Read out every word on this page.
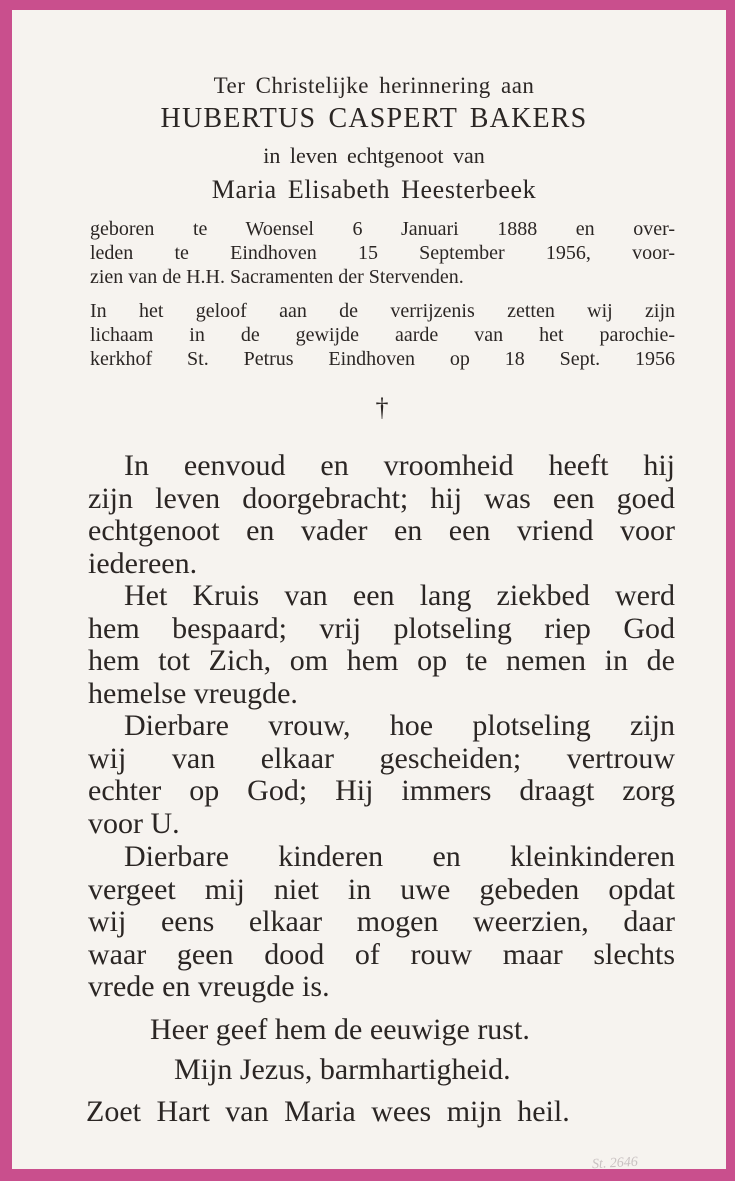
Ter Christelijke herinnering aan
HUBERTUS CASPERT BAKERS
in leven echtgenoot van
Maria Elisabeth Heesterbeek
geboren te Woensel 6 Januari 1888 en over-
leden te Eindhoven 15 September 1956, voor-
zien van de H.H. Sacramenten der Stervenden.
In het geloof aan de verrijzenis zetten wij zijn
lichaam in de gewijde aarde van het parochie-
kerkhof St. Petrus Eindhoven op 18 Sept. 1956
†
In eenvoud en vroomheid heeft hij
zijn leven doorgebracht; hij was een goed
echtgenoot en vader en een vriend voor
iedereen.
Het Kruis van een lang ziekbed werd
hem bespaard; vrij plotseling riep God
hem tot Zich, om hem op te nemen in de
hemelse vreugde.
Dierbare vrouw, hoe plotseling zijn
wij van elkaar gescheiden; vertrouw
echter op God; Hij immers draagt zorg
voor U.
Dierbare kinderen en kleinkinderen
vergeet mij niet in uwe gebeden opdat
wij eens elkaar mogen weerzien, daar
waar geen dood of rouw maar slechts
vrede en vreugde is.
Heer geef hem de eeuwige rust.
Mijn Jezus, barmhartigheid.
Zoet Hart van Maria wees mijn heil.
St. 2646
